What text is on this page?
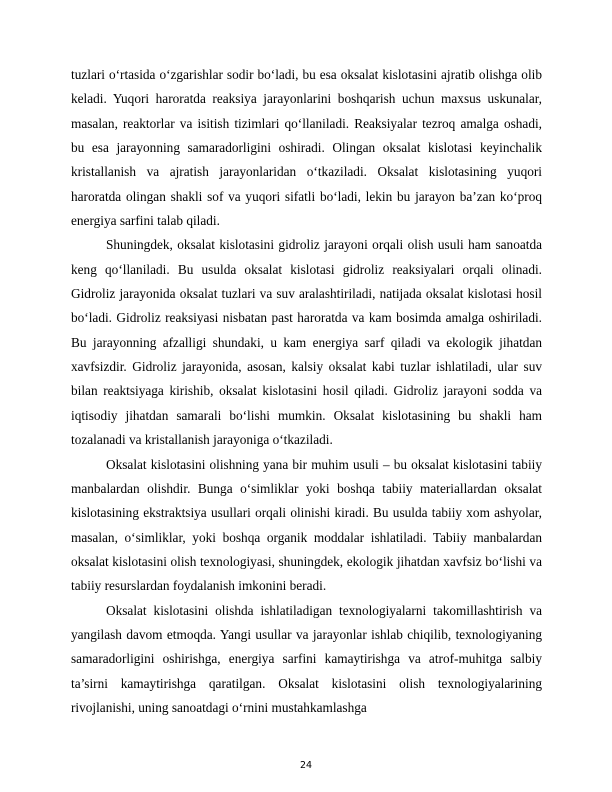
tuzlari o‘rtasida o‘zgarishlar sodir bo‘ladi, bu esa oksalat kislotasini ajratib olishga olib keladi. Yuqori haroratda reaksiya jarayonlarini boshqarish uchun maxsus uskunalar, masalan, reaktorlar va isitish tizimlari qo‘llaniladi. Reaksiyalar tezroq amalga oshadi, bu esa jarayonning samaradorligini oshiradi. Olingan oksalat kislotasi keyinchalik kristallanish va ajratish jarayonlaridan o‘tkaziladi. Oksalat kislotasining yuqori haroratda olingan shakli sof va yuqori sifatli bo‘ladi, lekin bu jarayon ba’zan ko‘proq energiya sarfini talab qiladi.

Shuningdek, oksalat kislotasini gidroliz jarayoni orqali olish usuli ham sanoatda keng qo‘llaniladi. Bu usulda oksalat kislotasi gidroliz reaksiyalari orqali olinadi. Gidroliz jarayonida oksalat tuzlari va suv aralashtiriladi, natijada oksalat kislotasi hosil bo‘ladi. Gidroliz reaksiyasi nisbatan past haroratda va kam bosimda amalga oshiriladi. Bu jarayonning afzalligi shundaki, u kam energiya sarf qiladi va ekologik jihatdan xavfsizdir. Gidroliz jarayonida, asosan, kalsiy oksalat kabi tuzlar ishlatiladi, ular suv bilan reaktsiyaga kirishib, oksalat kislotasini hosil qiladi. Gidroliz jarayoni sodda va iqtisodiy jihatdan samarali bo‘lishi mumkin. Oksalat kislotasining bu shakli ham tozalanadi va kristallanish jarayoniga o‘tkaziladi.

Oksalat kislotasini olishning yana bir muhim usuli – bu oksalat kislotasini tabiiy manbalardan olishdir. Bunga o‘simliklar yoki boshqa tabiiy materiallardan oksalat kislotasining ekstraktsiya usullari orqali olinishi kiradi. Bu usulda tabiiy xom ashyolar, masalan, o‘simliklar, yoki boshqa organik moddalar ishlatiladi. Tabiiy manbalardan oksalat kislotasini olish texnologiyasi, shuningdek, ekologik jihatdan xavfsiz bo‘lishi va tabiiy resurslardan foydalanish imkonini beradi.

Oksalat kislotasini olishda ishlatiladigan texnologiyalarni takomillashtirish va yangilash davom etmoqda. Yangi usullar va jarayonlar ishlab chiqilib, texnologiyaning samaradorligini oshirishga, energiya sarfini kamaytirishga va atrof-muhitga salbiy ta’sirni kamaytirishga qaratilgan. Oksalat kislotasini olish texnologiyalarining rivojlanishi, uning sanoatdagi o‘rnini mustahkamlashga

24
